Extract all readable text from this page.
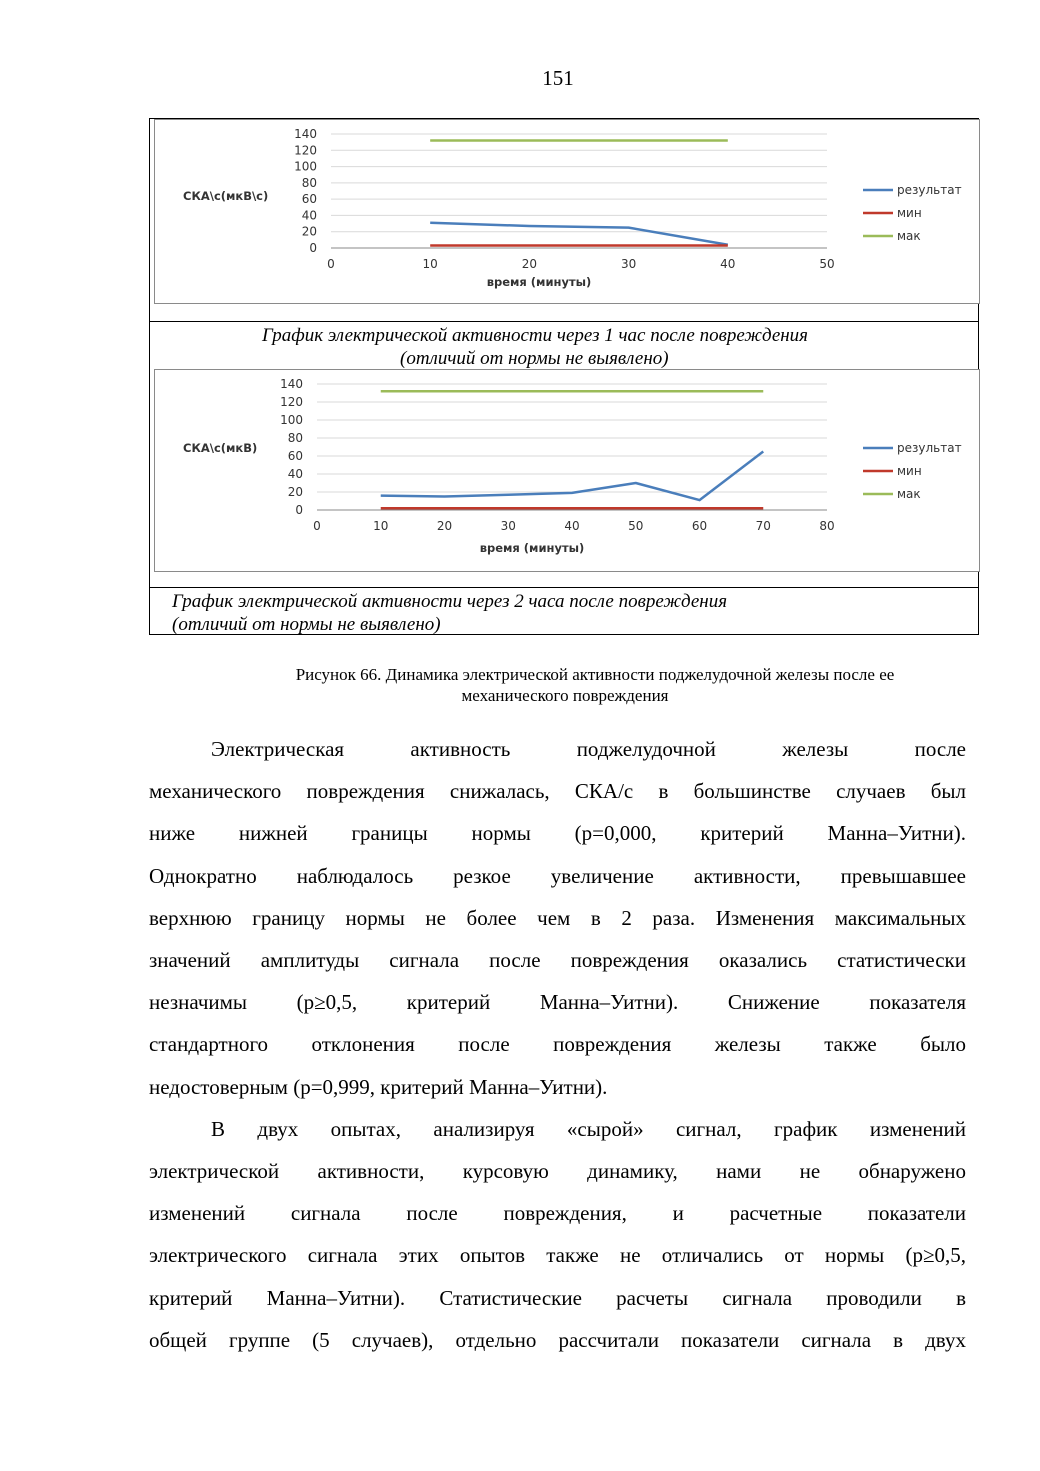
151
0
20
40
60
80
100
120
140
0	10	20	30	40	50
СКА\с(мкВ\с)
время (минуты)
результат
мин
мак
График электрической активности через 1 час после повреждения
(отличий от нормы не выявлено)
0
20
40
60
80
100
120
140
0	10	20	30	40	50	60	70	80
СКА\с(мкВ)
время (минуты)
результат
мин
мак
График электрической активности через 2 часа после повреждения
(отличий от нормы не выявлено)
Рисунок 66. Динамика электрической активности поджелудочной железы после ее
механического повреждения

Электрическая активность поджелудочной железы после
механического повреждения снижалась, СКА/с в большинстве случаев был
ниже нижней границы нормы (p=0,000, критерий Манна–Уитни).
Однократно наблюдалось резкое увеличение активности, превышавшее
верхнюю границу нормы не более чем в 2 раза. Изменения максимальных
значений амплитуды сигнала после повреждения оказались статистически
незначимы (p≥0,5, критерий Манна–Уитни). Снижение показателя
стандартного отклонения после повреждения железы также было
недостоверным (p=0,999, критерий Манна–Уитни).

В двух опытах, анализируя «сырой» сигнал, график изменений
электрической активности, курсовую динамику, нами не обнаружено
изменений сигнала после повреждения, и расчетные показатели
электрического сигнала этих опытов также не отличались от нормы (p≥0,5,
критерий Манна–Уитни). Статистические расчеты сигнала проводили в
общей группе (5 случаев), отдельно рассчитали показатели сигнала в двух
